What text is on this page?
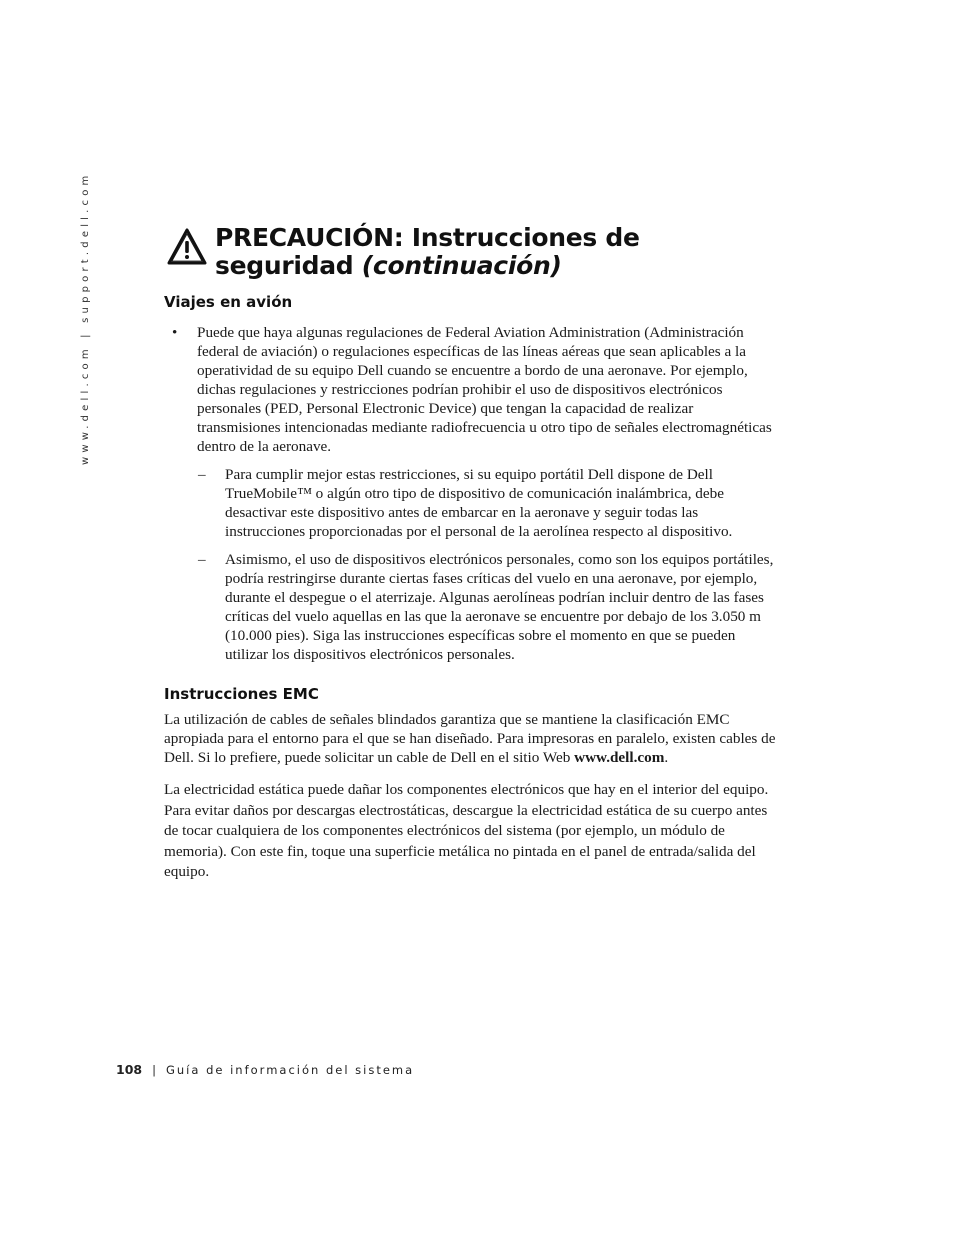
www.dell.com | support.dell.com	PRECAUCIÓN: Instrucciones de
seguridad (continuación)
Viajes en avión
• Puede que haya algunas regulaciones de Federal Aviation Administration (Administración federal de aviación) o regulaciones específicas de las líneas aéreas que sean aplicables a la operatividad de su equipo Dell cuando se encuentre a bordo de una aeronave. Por ejemplo, dichas regulaciones y restricciones podrían prohibir el uso de dispositivos electrónicos personales (PED, Personal Electronic Device) que tengan la capacidad de realizar transmisiones intencionadas mediante radiofrecuencia u otro tipo de señales electromagnéticas dentro de la aeronave.
– Para cumplir mejor estas restricciones, si su equipo portátil Dell dispone de Dell TrueMobile™ o algún otro tipo de dispositivo de comunicación inalámbrica, debe desactivar este dispositivo antes de embarcar en la aeronave y seguir todas las instrucciones proporcionadas por el personal de la aerolínea respecto al dispositivo.
– Asimismo, el uso de dispositivos electrónicos personales, como son los equipos portátiles, podría restringirse durante ciertas fases críticas del vuelo en una aeronave, por ejemplo, durante el despegue o el aterrizaje. Algunas aerolíneas podrían incluir dentro de las fases críticas del vuelo aquellas en las que la aeronave se encuentre por debajo de los 3.050 m (10.000 pies). Siga las instrucciones específicas sobre el momento en que se pueden utilizar los dispositivos electrónicos personales.
Instrucciones EMC

La utilización de cables de señales blindados garantiza que se mantiene la clasificación EMC apropiada para el entorno para el que se han diseñado. Para impresoras en paralelo, existen cables de Dell. Si lo prefiere, puede solicitar un cable de Dell en el sitio Web www.dell.com.

La electricidad estática puede dañar los componentes electrónicos que hay en el interior del equipo. Para evitar daños por descargas electrostáticas, descargue la electricidad estática de su cuerpo antes de tocar cualquiera de los componentes electrónicos del sistema (por ejemplo, un módulo de memoria). Con este fin, toque una superficie metálica no pintada en el panel de entrada/salida del equipo.

108 | Guía de información del sistema
